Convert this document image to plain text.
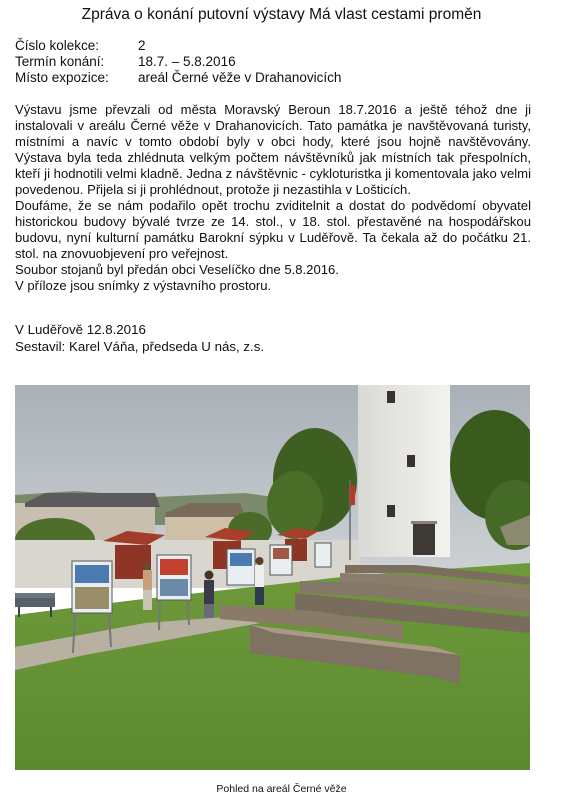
Zpráva o konání putovní výstavy Má vlast cestami proměn
Číslo kolekce:	2
Termín konání: 18.7. – 5.8.2016
Místo expozice: areál Černé věže v Drahanovicích

Výstavu jsme převzali od města Moravský Beroun 18.7.2016 a ještě téhož dne ji instalovali v areálu Černé věže v Drahanovicích. Tato památka je navštěvovaná turisty, místními a navíc v tomto období byly v obci hody, které jsou hojně navštěvovány. Výstava byla teda zhlédnuta velkým počtem návštěvníků jak místních tak přespolních, kteří ji hodnotili velmi kladně. Jedna z návštěvnic - cykloturistka ji komentovala jako velmi povedenou. Přijela si ji prohlédnout, protože ji nezastihla v Lošticích.

Doufáme, že se nám podařilo opět trochu zviditelnit a dostat do podvědomí obyvatel historickou budovy bývalé tvrze ze 14. stol., v 18. stol. přestavěné na hospodářskou budovu, nyní kulturní památku Barokní sýpku v Luděřově. Ta čekala až do počátku 21. stol. na znovuobjevení pro veřejnost.

Soubor stojanů byl předán obci Veselíčko dne 5.8.2016.

V příloze jsou snímky z výstavního prostoru.

V Luděřově 12.8.2016

Sestavil: Karel Váňa, předseda U nás, z.s.

Pohled na areál Černé věže
